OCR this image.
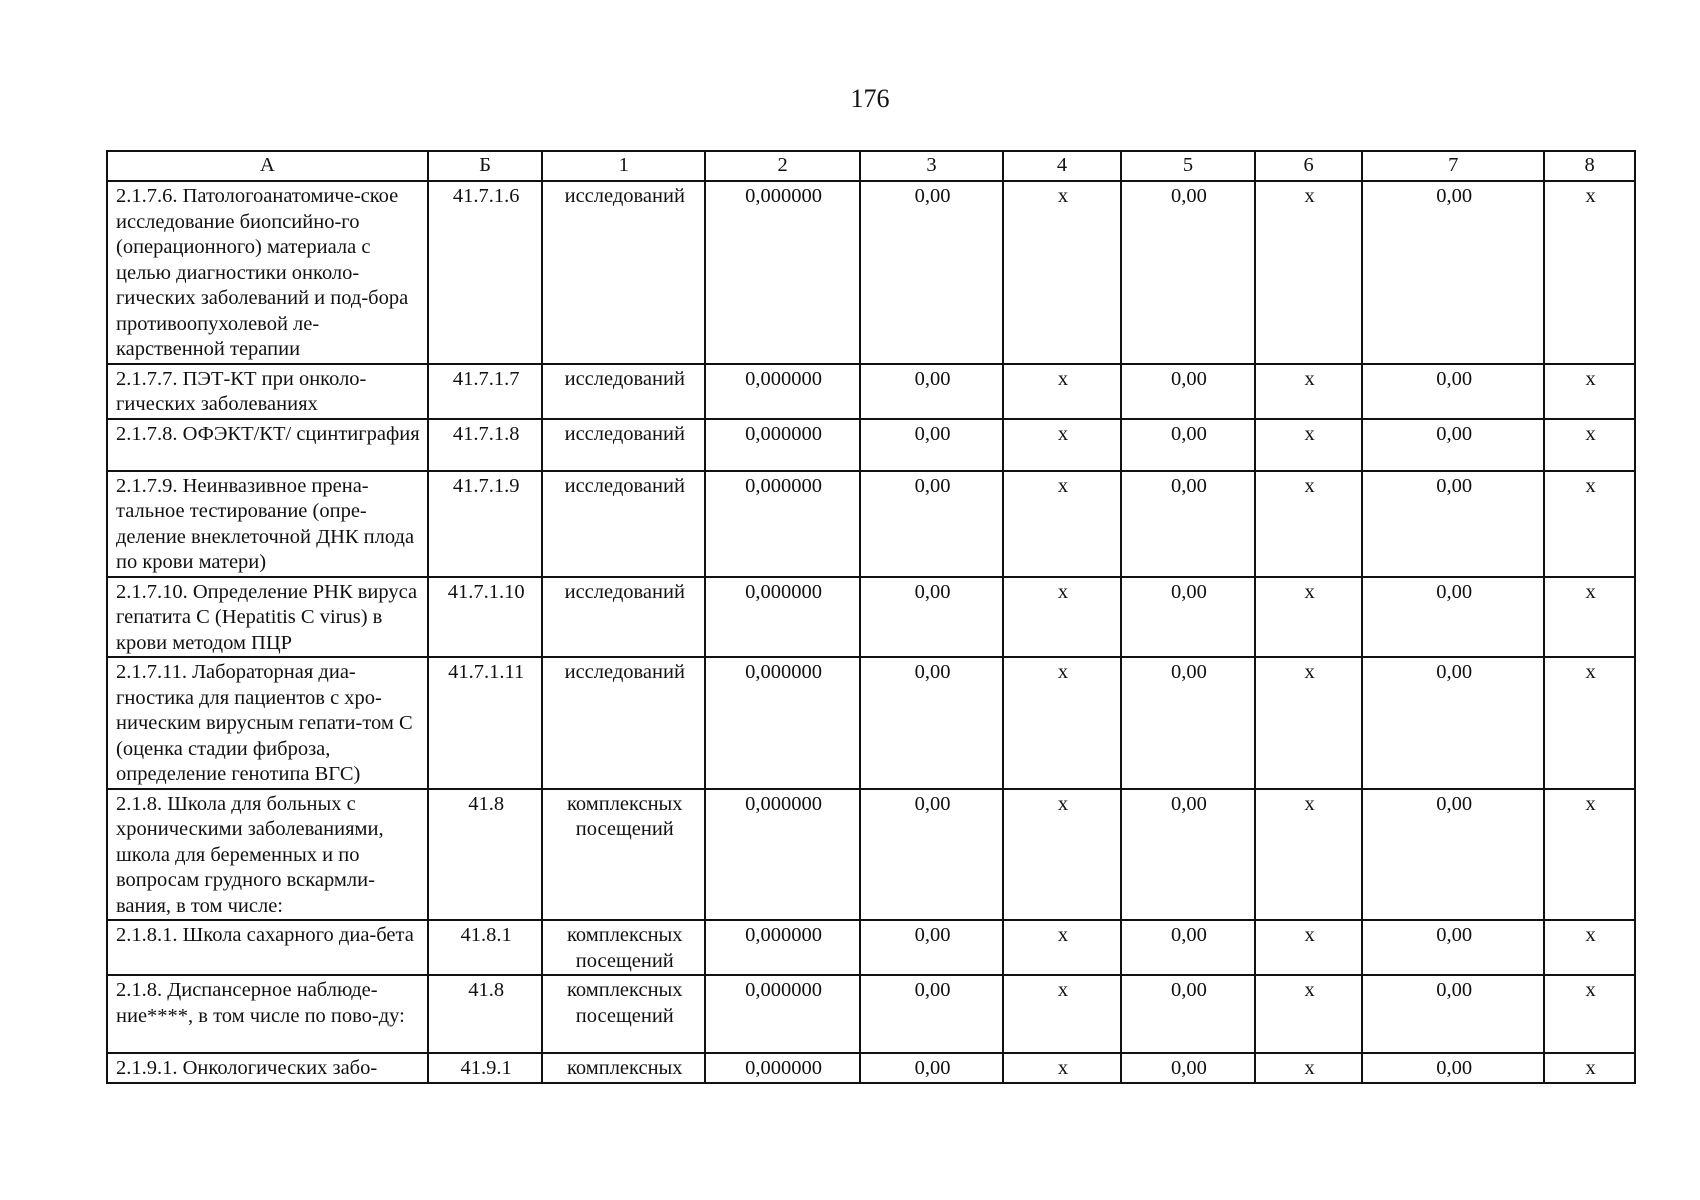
176
А	Б	1	2	3	4	5	6	7	8
2.1.7.6. Патологоанатомиче-ское исследование биопсийно-го (операционного) материала с целью диагностики онколо-гических заболеваний и под-бора противоопухолевой ле-карственной терапии	41.7.1.6	исследований	0,000000	0,00	х	0,00	х	0,00	х
2.1.7.7. ПЭТ-КТ при онколо-гических заболеваниях	41.7.1.7	исследований	0,000000	0,00	х	0,00	х	0,00	х
2.1.7.8. ОФЭКТ/КТ/ сцинтиграфия	41.7.1.8	исследований	0,000000	0,00	х	0,00	х	0,00	х
2.1.7.9. Неинвазивное прена-тальное тестирование (опре-деление внеклеточной ДНК плода по крови матери)	41.7.1.9	исследований	0,000000	0,00	х	0,00	х	0,00	х
2.1.7.10. Определение РНК вируса гепатита С (Hepatitis C virus) в крови методом ПЦР	41.7.1.10	исследований	0,000000	0,00	х	0,00	х	0,00	х
2.1.7.11. Лабораторная диа-гностика для пациентов с хро-ническим вирусным гепати-том С (оценка стадии фиброза, определение генотипа ВГС)	41.7.1.11	исследований	0,000000	0,00	х	0,00	х	0,00	х
2.1.8. Школа для больных с хроническими заболеваниями, школа для беременных и по вопросам грудного вскармли-вания, в том числе:	41.8	комплексных посещений	0,000000	0,00	х	0,00	х	0,00	х
2.1.8.1. Школа сахарного диа-бета	41.8.1	комплексных посещений	0,000000	0,00	х	0,00	х	0,00	х
2.1.8. Диспансерное наблюде-ние****, в том числе по пово-ду:	41.8	комплексных посещений	0,000000	0,00	х	0,00	х	0,00	х
2.1.9.1. Онкологических забо-	41.9.1	комплексных	0,000000	0,00	х	0,00	х	0,00	х
